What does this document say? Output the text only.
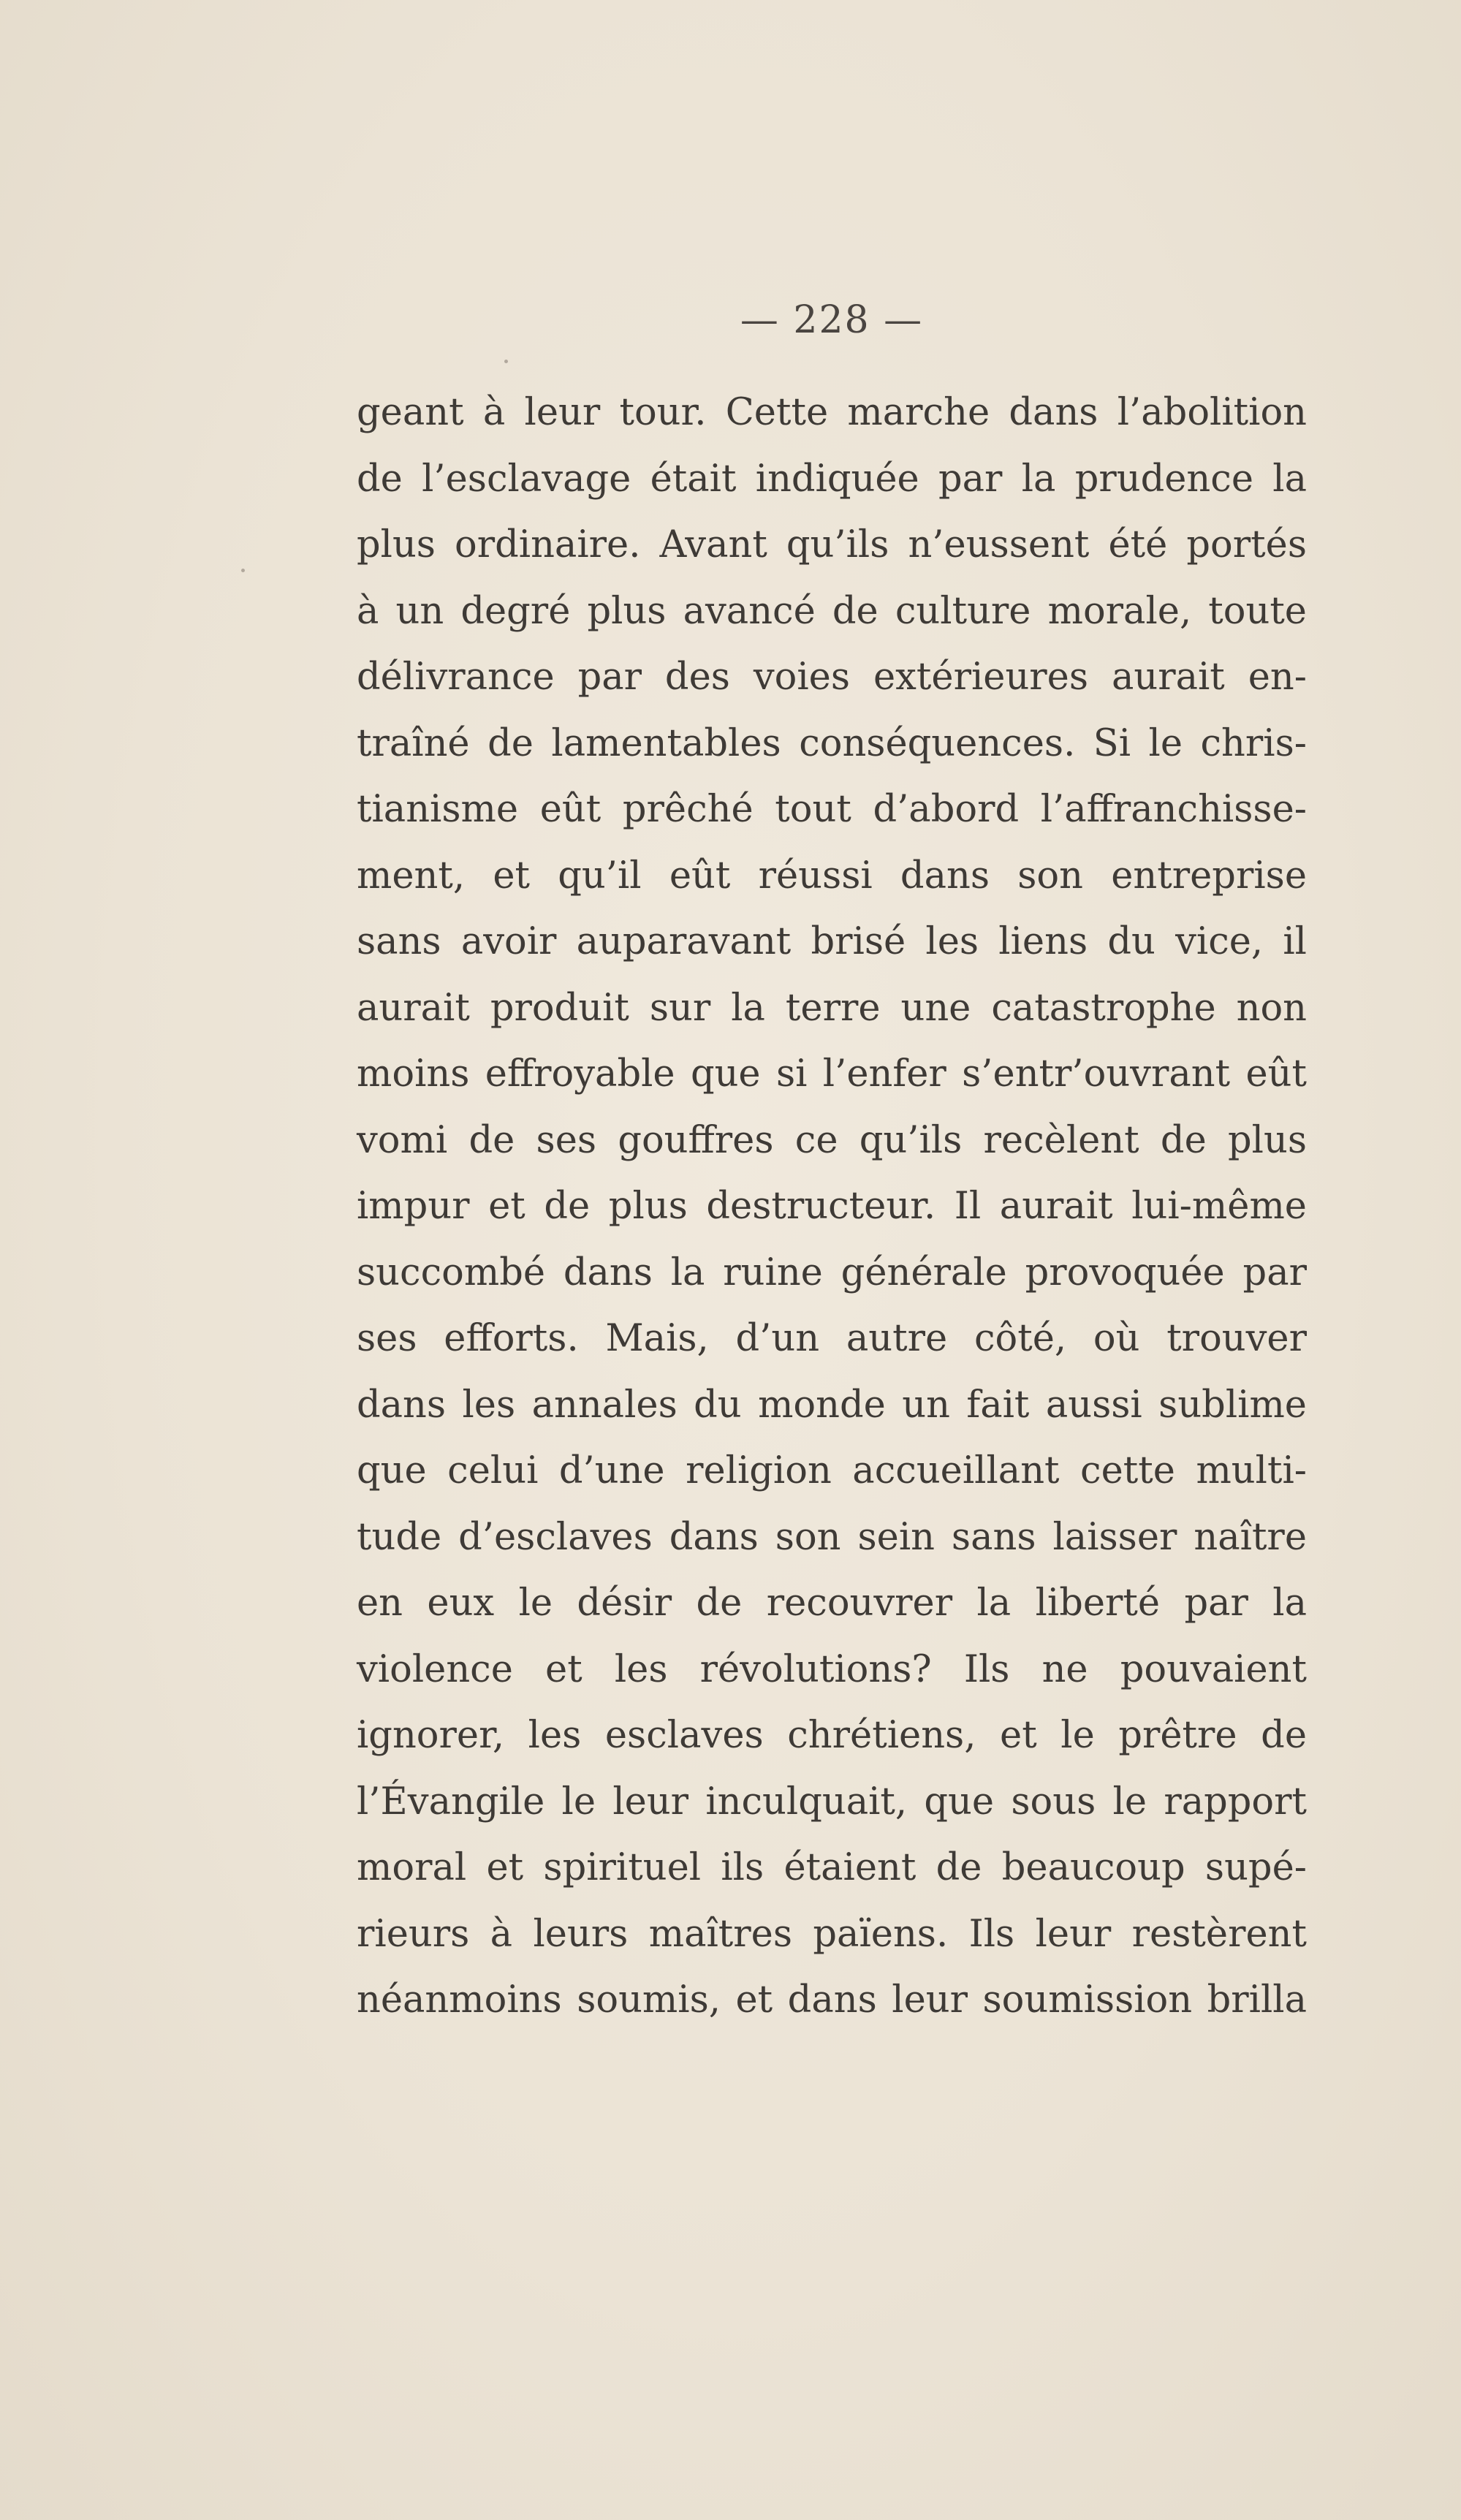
— 228 —
geant à leur tour. Cette marche dans l’abolition
de l’esclavage était indiquée par la prudence la
plus ordinaire. Avant qu’ils n’eussent été portés
à un degré plus avancé de culture morale, toute
délivrance par des voies extérieures aurait en-
traîné de lamentables conséquences. Si le chris-
tianisme eût prêché tout d’abord l’affranchisse-
ment, et qu’il eût réussi dans son entreprise
sans avoir auparavant brisé les liens du vice, il
aurait produit sur la terre une catastrophe non
moins effroyable que si l’enfer s’entr’ouvrant eût
vomi de ses gouffres ce qu’ils recèlent de plus
impur et de plus destructeur. Il aurait lui-même
succombé dans la ruine générale provoquée par
ses efforts. Mais, d’un autre côté, où trouver
dans les annales du monde un fait aussi sublime
que celui d’une religion accueillant cette multi-
tude d’esclaves dans son sein sans laisser naître
en eux le désir de recouvrer la liberté par la
violence et les révolutions? Ils ne pouvaient
ignorer, les esclaves chrétiens, et le prêtre de
l’Évangile le leur inculquait, que sous le rapport
moral et spirituel ils étaient de beaucoup supé-
rieurs à leurs maîtres païens. Ils leur restèrent
néanmoins soumis, et dans leur soumission brilla
